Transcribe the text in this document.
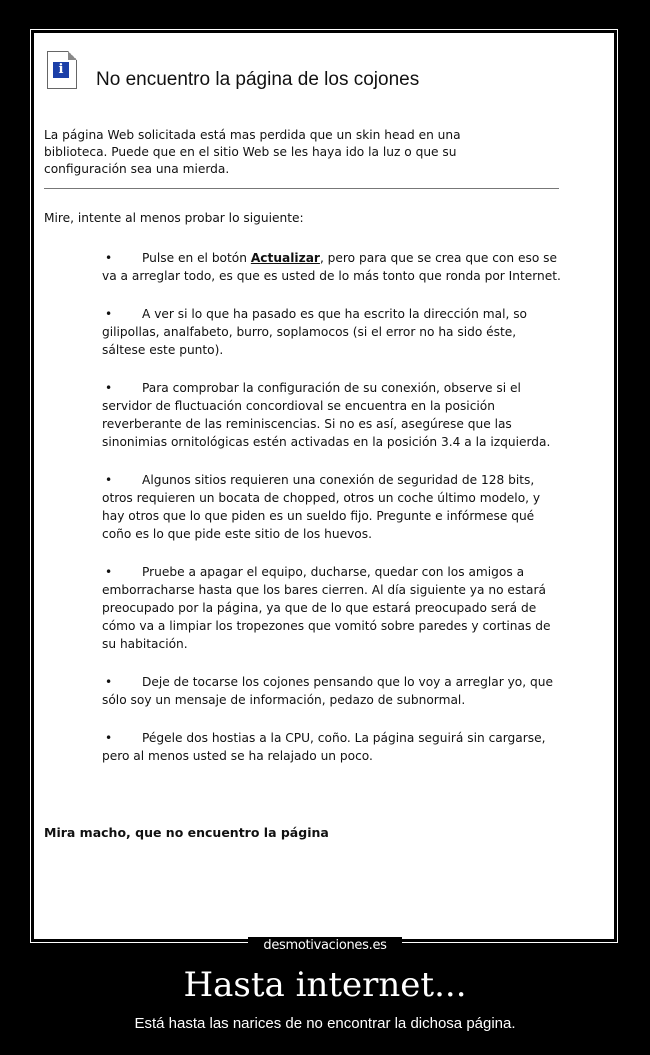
i No encuentro la página de los cojones
La página Web solicitada está mas perdida que un skin head en una biblioteca. Puede que en el sitio Web se les haya ido la luz o que su configuración sea una mierda.
Mire, intente al menos probar lo siguiente:
• Pulse en el botón Actualizar, pero para que se crea que con eso se va a arreglar todo, es que es usted de lo más tonto que ronda por Internet.
• A ver si lo que ha pasado es que ha escrito la dirección mal, so gilipollas, analfabeto, burro, soplamocos (si el error no ha sido éste, sáltese este punto).
• Para comprobar la configuración de su conexión, observe si el servidor de fluctuación concordioval se encuentra en la posición reverberante de las reminiscencias. Si no es así, asegúrese que las sinonimias ornitológicas estén activadas en la posición 3.4 a la izquierda.
• Algunos sitios requieren una conexión de seguridad de 128 bits, otros requieren un bocata de chopped, otros un coche último modelo, y hay otros que lo que piden es un sueldo fijo. Pregunte e infórmese qué coño es lo que pide este sitio de los huevos.
• Pruebe a apagar el equipo, ducharse, quedar con los amigos a emborracharse hasta que los bares cierren. Al día siguiente ya no estará preocupado por la página, ya que de lo que estará preocupado será de cómo va a limpiar los tropezones que vomitó sobre paredes y cortinas de su habitación.
• Deje de tocarse los cojones pensando que lo voy a arreglar yo, que sólo soy un mensaje de información, pedazo de subnormal.
• Pégele dos hostias a la CPU, coño. La página seguirá sin cargarse, pero al menos usted se ha relajado un poco.
Mira macho, que no encuentro la página
desmotivaciones.es
Hasta internet...
Está hasta las narices de no encontrar la dichosa página.
